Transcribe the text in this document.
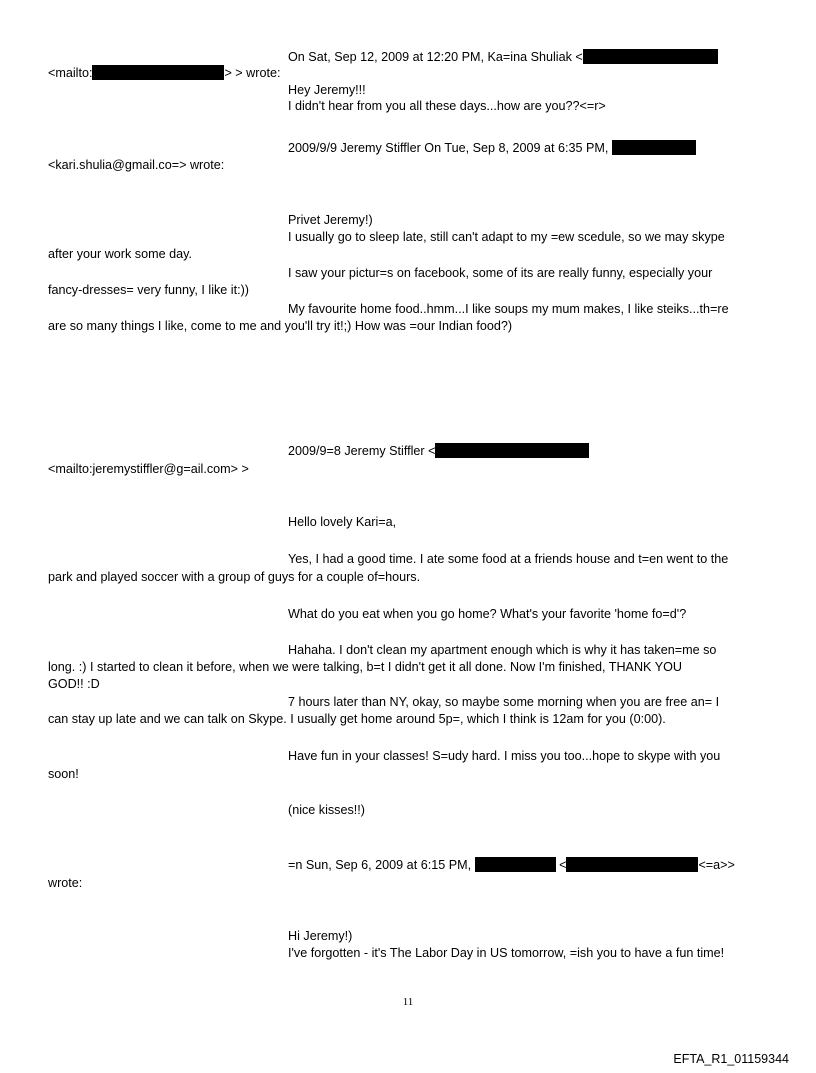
On Sat, Sep 12, 2009 at 12:20 PM, Ka=ina Shuliak <
<mailto:	> > wrote:
Hey Jeremy!!!
I didn't hear from you all these days...how are you??<=r>
2009/9/9 Jeremy Stiffler On Tue, Sep 8, 2009 at 6:35 PM,
<kari.shulia@gmail.co=> wrote:
Privet Jeremy!)
I usually go to sleep late, still can't adapt to my =ew scedule, so we may skype
after your work some day.
I saw your pictur=s on facebook, some of its are really funny, especially your
fancy-dresses= very funny, I like it:))
My favourite home food..hmm...I like soups my mum makes, I like steiks...th=re
are so many things I like, come to me and you'll try it!;) How was =our Indian food?)
2009/9=8 Jeremy Stiffler <
<mailto:jeremystiffler@g=ail.com> >
Hello lovely Kari=a,
Yes, I had a good time. I ate some food at a friends house and t=en went to the
park and played soccer with a group of guys for a couple of=hours.
What do you eat when you go home? What's your favorite 'home fo=d'?
Hahaha. I don't clean my apartment enough which is why it has taken=me so
long. :) I started to clean it before, when we were talking, b=t I didn't get it all done. Now I'm finished, THANK YOU
GOD!! :D
7 hours later than NY, okay, so maybe some morning when you are free an= I
can stay up late and we can talk on Skype. I usually get home around 5p=, which I think is 12am for you (0:00).
Have fun in your classes! S=udy hard. I miss you too...hope to skype with you
soon!
(nice kisses!!)
=n Sun, Sep 6, 2009 at 6:15 PM,	<	<=a>>
wrote:
Hi Jeremy!)
I've forgotten - it's The Labor Day in US tomorrow, =ish you to have a fun time!
11
EFTA_R1_01159344
